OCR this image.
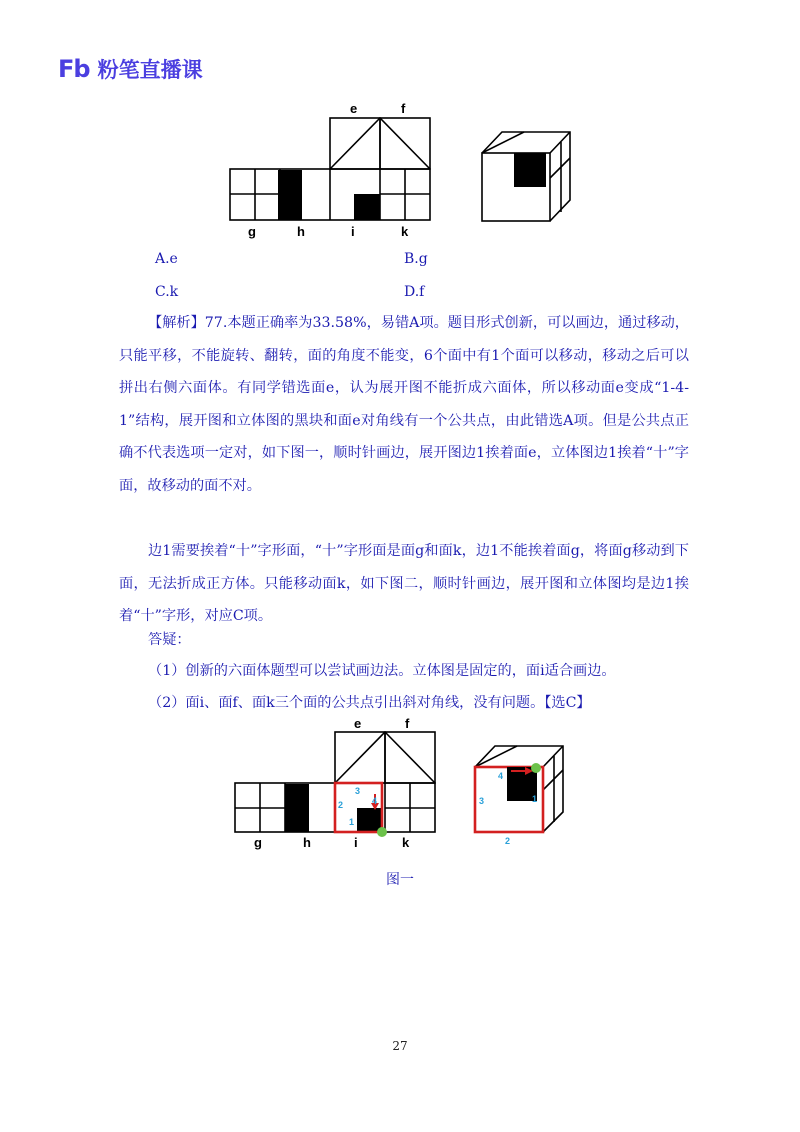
Fb 粉笔直播课
e	f
g	h	i	k
A.e	B.g
C.k	D.f
【解析】77.本题正确率为33.58%，易错A项。题目形式创新，可以画边，通过移动，只能平移，不能旋转、翻转，面的角度不能变，6个面中有1个面可以移动，移动之后可以拼出右侧六面体。有同学错选面e，认为展开图不能折成六面体，所以移动面e变成“1-4-1”结构，展开图和立体图的黑块和面e对角线有一个公共点，由此错选A项。但是公共点正确不代表选项一定对，如下图一，顺时针画边，展开图边1挨着面e，立体图边1挨着“十”字面，故移动的面不对。
边1需要挨着“十”字形面，“十”字形面是面g和面k，边1不能挨着面g，将面g移动到下面，无法折成正方体。只能移动面k，如下图二，顺时针画边，展开图和立体图均是边1挨着“十”字形，对应C项。
答疑：
（1）创新的六面体题型可以尝试画边法。立体图是固定的，面i适合画边。
（2）面i、面f、面k三个面的公共点引出斜对角线，没有问题。【选C】
3
2	4
1
4
3	1
2
e	f
g	h	i	k
图一
27
